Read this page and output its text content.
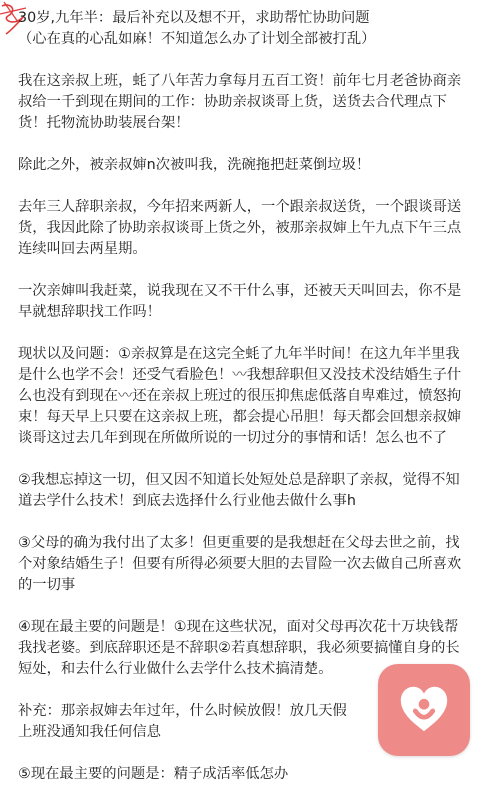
30岁,九年半：最后补充以及想不开，求助帮忙协助问题
（心在真的心乱如麻！不知道怎么办了计划全部被打乱）

我在这亲叔上班，蚝了八年苦力拿每月五百工资！前年七月老爸协商亲叔给一千到现在期间的工作：协助亲叔谈哥上货，送货去合代理点下货！托物流协助装展台架！

除此之外，被亲叔婶n次被叫我，洗碗拖把赶菜倒垃圾！

去年三人辞职亲叔，今年招来两新人，一个跟亲叔送货，一个跟谈哥送货，我因此除了协助亲叔谈哥上货之外，被那亲叔婶上午九点下午三点连续叫回去两星期。

一次亲婶叫我赶菜，说我现在又不干什么事，还被天天叫回去，你不是早就想辞职找工作吗！

现状以及问题：①亲叔算是在这完全蚝了九年半时间！在这九年半里我是什么也学不会！还受气看脸色！〰我想辞职但又没技术没结婚生子什么也没有到现在〰还在亲叔上班过的很压抑焦虑低落自卑难过，愤怒拘束！每天早上只要在这亲叔上班，都会提心吊胆！每天都会回想亲叔婶谈哥这过去几年到现在所做所说的一切过分的事情和话！怎么也不了

②我想忘掉这一切，但又因不知道长处短处总是辞职了亲叔，觉得不知道去学什么技术！到底去选择什么行业他去做什么事h

③父母的确为我付出了太多！但更重要的是我想赶在父母去世之前，找个对象结婚生子！但要有所得必须要大胆的去冒险一次去做自己所喜欢的一切事

④现在最主要的问题是！①现在这些状况，面对父母再次花十万块钱帮我找老婆。到底辞职还是不辞职②若真想辞职，我必须要搞懂自身的长短处，和去什么行业做什么去学什么技术搞清楚。

补充：那亲叔婶去年过年，什么时候放假！放几天假
上班没通知我任何信息

⑤现在最主要的问题是：精子成活率低怎办
